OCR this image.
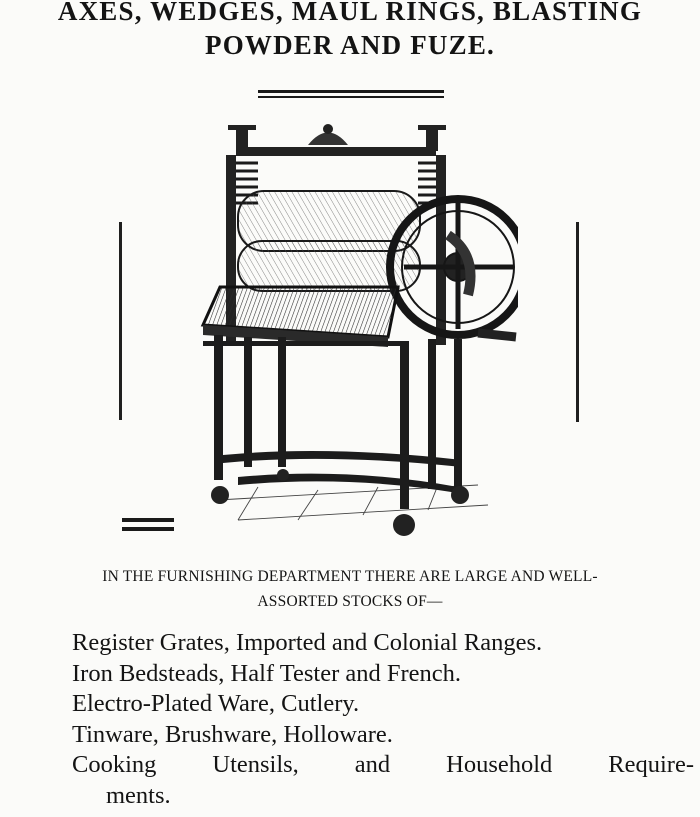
AXES, WEDGES, MAUL RINGS, BLASTING
POWDER AND FUZE.
IN THE FURNISHING DEPARTMENT THERE ARE LARGE AND WELL-
ASSORTED STOCKS OF—
Register Grates, Imported and Colonial Ranges.
Iron Bedsteads, Half Tester and French.
Electro-Plated Ware, Cutlery.
Tinware, Brushware, Holloware.
Cooking Utensils, and Household Require-
ments.
